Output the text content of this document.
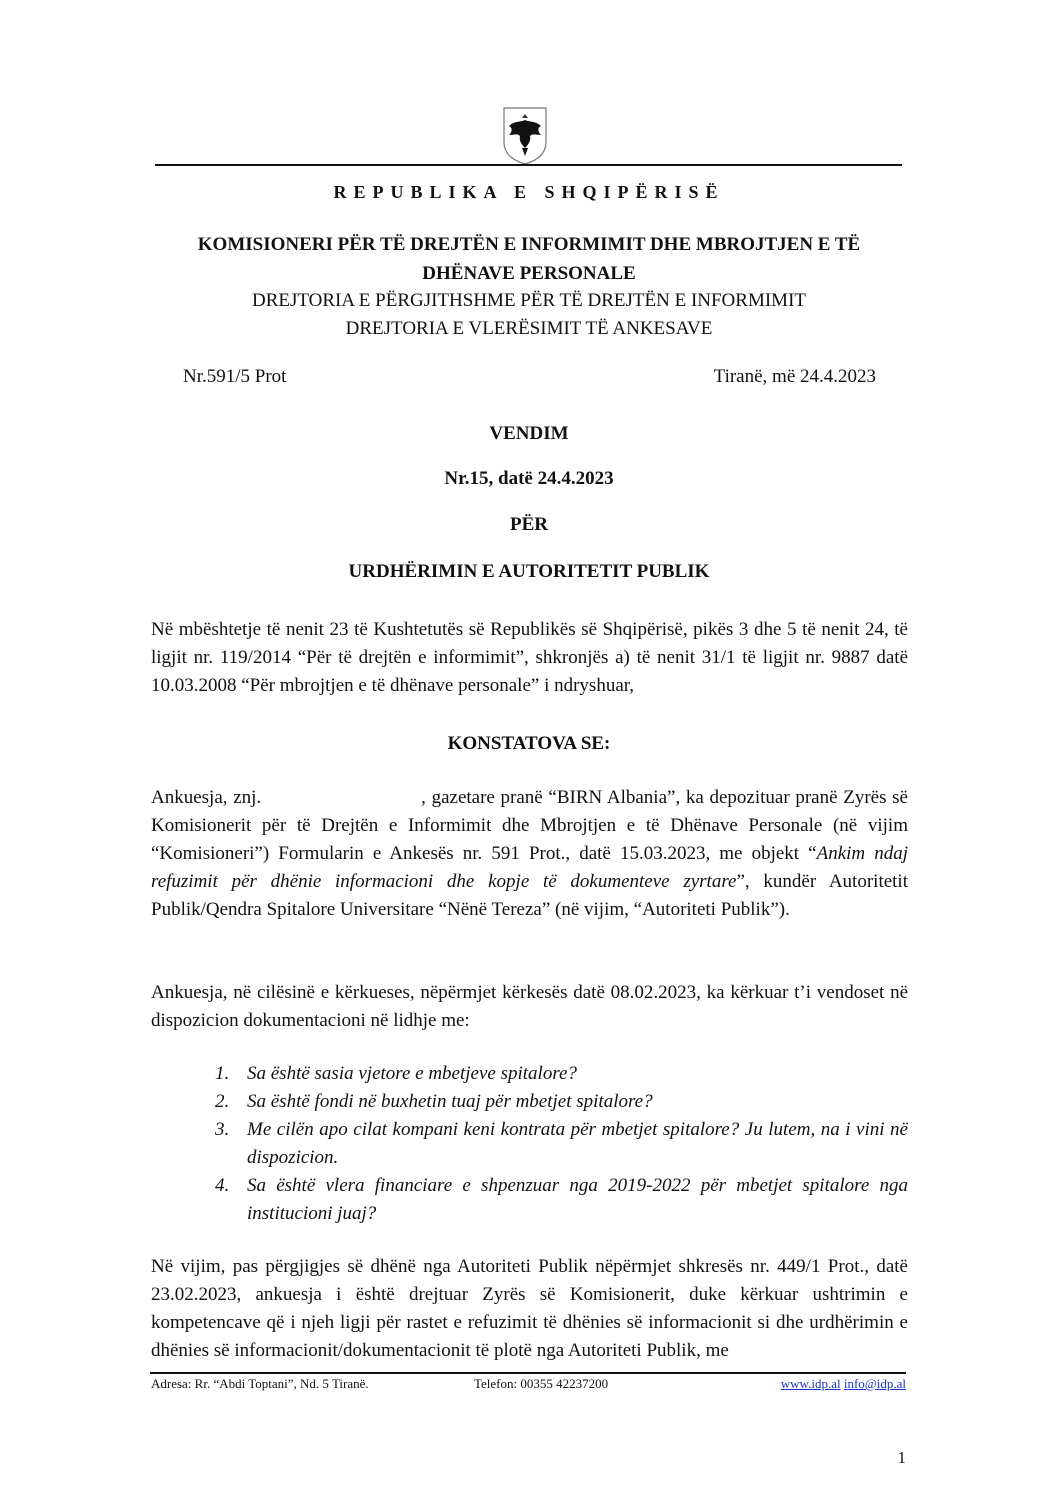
REPUBLIKA E SHQIPËRISË
KOMISIONERI PËR TË DREJTËN E INFORMIMIT DHE MBROJTJEN E TË
DHËNAVE PERSONALE
DREJTORIA E PËRGJITHSHME PËR TË DREJTËN E INFORMIMIT
DREJTORIA E VLERËSIMIT TË ANKESAVE
Nr.591/5 Prot	Tiranë, më 24.4.2023
VENDIM
Nr.15, datë 24.4.2023
PËR
URDHËRIMIN E AUTORITETIT PUBLIK

Në mbështetje të nenit 23 të Kushtetutës së Republikës së Shqipërisë, pikës 3 dhe 5 të nenit 24, të ligjit nr. 119/2014 “Për të drejtën e informimit”, shkronjës a) të nenit 31/1 të ligjit nr. 9887 datë 10.03.2008 “Për mbrojtjen e të dhënave personale” i ndryshuar,

KONSTATOVA SE:

Ankuesja, znj.	, gazetare pranë “BIRN Albania”, ka depozituar pranë Zyrës së Komisionerit për të Drejtën e Informimit dhe Mbrojtjen e të Dhënave Personale (në vijim “Komisioneri”) Formularin e Ankesës nr. 591 Prot., datë 15.03.2023, me objekt “Ankim ndaj refuzimit për dhënie informacioni dhe kopje të dokumenteve zyrtare”, kundër Autoritetit Publik/Qendra Spitalore Universitare “Nënë Tereza” (në vijim, “Autoriteti Publik”).

Ankuesja, në cilësinë e kërkueses, nëpërmjet kërkesës datë 08.02.2023, ka kërkuar t’i vendoset në dispozicion dokumentacioni në lidhje me:

1. Sa është sasia vjetore e mbetjeve spitalore?
2. Sa është fondi në buxhetin tuaj për mbetjet spitalore?
3. Me cilën apo cilat kompani keni kontrata për mbetjet spitalore? Ju lutem, na i vini në dispozicion.
4. Sa është vlera financiare e shpenzuar nga 2019-2022 për mbetjet spitalore nga institucioni juaj?

Në vijim, pas përgjigjes së dhënë nga Autoriteti Publik nëpërmjet shkresës nr. 449/1 Prot., datë 23.02.2023, ankuesja i është drejtuar Zyrës së Komisionerit, duke kërkuar ushtrimin e kompetencave që i njeh ligji për rastet e refuzimit të dhënies së informacionit si dhe urdhërimin e dhënies së informacionit/dokumentacionit të plotë nga Autoriteti Publik, me

Adresa: Rr. “Abdi Toptani”, Nd. 5 Tiranë.	Telefon: 00355 42237200	www.idp.al info@idp.al
1
